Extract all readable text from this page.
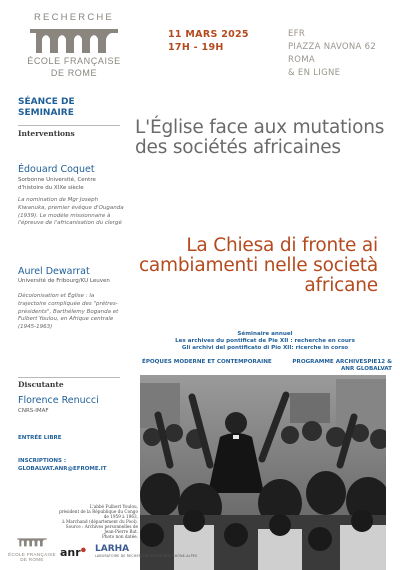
RECHERCHE
ÉCOLE FRANÇAISE
DE ROME
11 MARS 2025
17H - 19H
EFR
PIAZZA NAVONA 62
ROMA
& EN LIGNE
SÉANCE DE
SEMINAIRE
Interventions
Édouard Coquet
Sorbonne Université, Centre d'histoire du XIXe siècle
La nomination de Mgr Joseph Kiwanuka, premier évêque d'Ouganda (1939). Le modèle missionnaire à l'épreuve de l'africanisation du clergé
Aurel Dewarrat
Université de Fribourg/KU Leuven
Décolonisation et Église : la trajectoire compliquée des "prêtres-présidents", Barthélemy Boganda et Fulbert Youlou, en Afrique centrale (1945-1963)
Discutante
Florence Renucci
CNRS-IMAF
ENTRÉE LIBRE
INSCRIPTIONS :
GLOBALVAT.ANR@EFROME.IT
L'Église face aux mutations des sociétés africaines
La Chiesa di fronte ai cambiamenti nelle società africane
Séminaire annuel
Les archives du pontificat de Pie XII : recherche en cours
Gli archivi del pontificato di Pio XII: ricerche in corso
ÉPOQUES MODERNE ET CONTEMPORAINE	PROGRAMME ARCHIVESPIE12 &
ANR GLOBALVAT
L'abbé Fulbert Youlou,
président de la République du Congo de 1959 à 1963,
à Marchand (département du Pool).
Source : Archives personnelles de Jean-Pierre Bat.
Photo non datée.
ÉCOLE FRANÇAISE
DE ROME
anr● LARHA
LABORATOIRE DE RECHERCHE HISTORIQUE RHÔNE-ALPES
